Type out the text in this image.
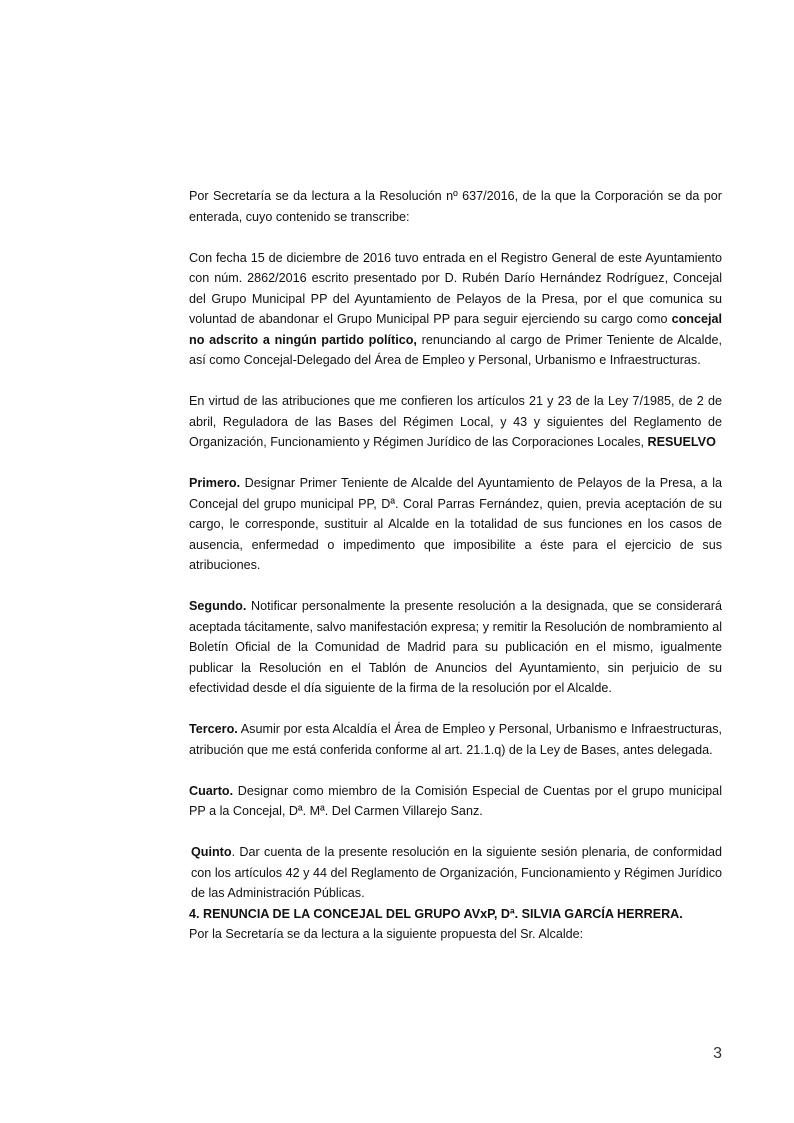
Por Secretaría se da lectura a la Resolución nº 637/2016, de la que la Corporación se da por enterada, cuyo contenido se transcribe:

Con fecha 15 de diciembre de 2016 tuvo entrada en el Registro General de este Ayuntamiento con núm. 2862/2016 escrito presentado por D. Rubén Darío Hernández Rodríguez, Concejal del Grupo Municipal PP del Ayuntamiento de Pelayos de la Presa, por el que comunica su voluntad de abandonar el Grupo Municipal PP para seguir ejerciendo su cargo como concejal no adscrito a ningún partido político, renunciando al cargo de Primer Teniente de Alcalde, así como Concejal-Delegado del Área de Empleo y Personal, Urbanismo e Infraestructuras.

En virtud de las atribuciones que me confieren los artículos 21 y 23 de la Ley 7/1985, de 2 de abril, Reguladora de las Bases del Régimen Local, y 43 y siguientes del Reglamento de Organización, Funcionamiento y Régimen Jurídico de las Corporaciones Locales, RESUELVO

Primero. Designar Primer Teniente de Alcalde del Ayuntamiento de Pelayos de la Presa, a la Concejal del grupo municipal PP, Dª. Coral Parras Fernández, quien, previa aceptación de su cargo, le corresponde, sustituir al Alcalde en la totalidad de sus funciones en los casos de ausencia, enfermedad o impedimento que imposibilite a éste para el ejercicio de sus atribuciones.

Segundo. Notificar personalmente la presente resolución a la designada, que se considerará aceptada tácitamente, salvo manifestación expresa; y remitir la Resolución de nombramiento al Boletín Oficial de la Comunidad de Madrid para su publicación en el mismo, igualmente publicar la Resolución en el Tablón de Anuncios del Ayuntamiento, sin perjuicio de su efectividad desde el día siguiente de la firma de la resolución por el Alcalde.

Tercero. Asumir por esta Alcaldía el Área de Empleo y Personal, Urbanismo e Infraestructuras, atribución que me está conferida conforme al art. 21.1.q) de la Ley de Bases, antes delegada.

Cuarto. Designar como miembro de la Comisión Especial de Cuentas por el grupo municipal PP a la Concejal, Dª. Mª. Del Carmen Villarejo Sanz.

Quinto. Dar cuenta de la presente resolución en la siguiente sesión plenaria, de conformidad con los artículos 42 y 44 del Reglamento de Organización, Funcionamiento y Régimen Jurídico de las Administración Públicas.

4. RENUNCIA DE LA CONCEJAL DEL GRUPO AVxP, Dª. SILVIA GARCÍA HERRERA.

Por la Secretaría se da lectura a la siguiente propuesta del Sr. Alcalde:

3
